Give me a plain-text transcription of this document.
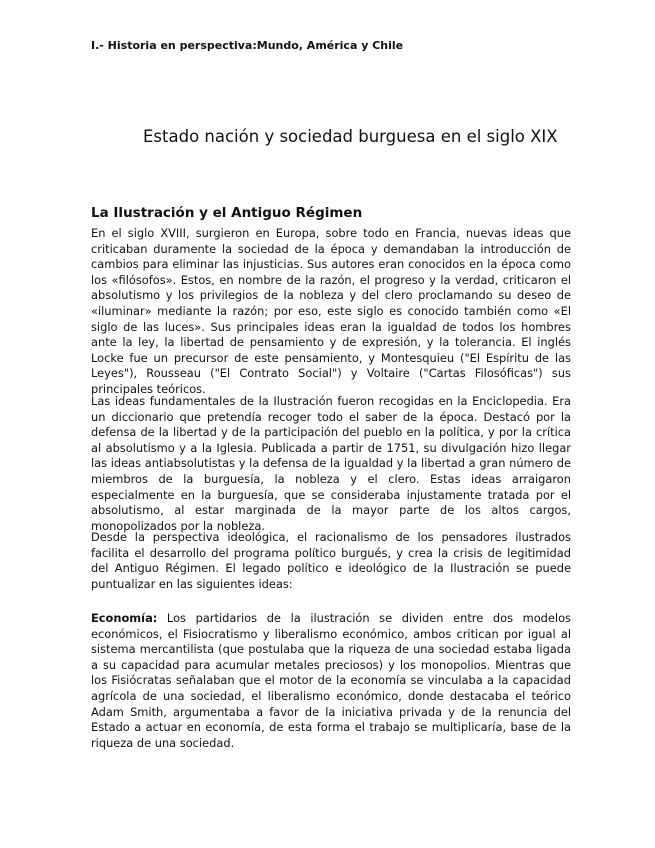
I.- Historia en perspectiva:Mundo, América y Chile
Estado nación y sociedad burguesa en el siglo XIX
La Ilustración y el Antiguo Régimen

En el siglo XVIII, surgieron en Europa, sobre todo en Francia, nuevas ideas que criticaban duramente la sociedad de la época y demandaban la introducción de cambios para eliminar las injusticias. Sus autores eran conocidos en la época como los «filósofos». Estos, en nombre de la razón, el progreso y la verdad, criticaron el absolutismo y los privilegios de la nobleza y del clero proclamando su deseo de «iluminar» mediante la razón; por eso, este siglo es conocido también como «El siglo de las luces». Sus principales ideas eran la igualdad de todos los hombres ante la ley, la libertad de pensamiento y de expresión, y la tolerancia. El inglés Locke fue un precursor de este pensamiento, y Montesquieu ("El Espíritu de las Leyes"), Rousseau ("El Contrato Social") y Voltaire ("Cartas Filosóficas") sus principales teóricos.

Las ideas fundamentales de la Ilustración fueron recogidas en la Enciclopedia. Era un diccionario que pretendía recoger todo el saber de la época. Destacó por la defensa de la libertad y de la participación del pueblo en la política, y por la crítica al absolutismo y a la Iglesia. Publicada a partir de 1751, su divulgación hizo llegar las ideas antiabsolutistas y la defensa de la igualdad y la libertad a gran número de miembros de la burguesía, la nobleza y el clero. Estas ideas arraigaron especialmente en la burguesía, que se consideraba injustamente tratada por el absolutismo, al estar marginada de la mayor parte de los altos cargos, monopolizados por la nobleza.

Desde la perspectiva ideológica, el racionalismo de los pensadores ilustrados facilita el desarrollo del programa político burgués, y crea la crisis de legitimidad del Antiguo Régimen. El legado político e ideológico de la Ilustración se puede puntualizar en las siguientes ideas:

Economía: Los partidarios de la ilustración se dividen entre dos modelos económicos, el Fisiocratismo y liberalismo económico, ambos critican por igual al sistema mercantilista (que postulaba que la riqueza de una sociedad estaba ligada a su capacidad para acumular metales preciosos) y los monopolios. Mientras que los Fisiócratas señalaban que el motor de la economía se vinculaba a la capacidad agrícola de una sociedad, el liberalismo económico, donde destacaba el teórico Adam Smith, argumentaba a favor de la iniciativa privada y de la renuncia del Estado a actuar en economía, de esta forma el trabajo se multiplicaría, base de la riqueza de una sociedad.
